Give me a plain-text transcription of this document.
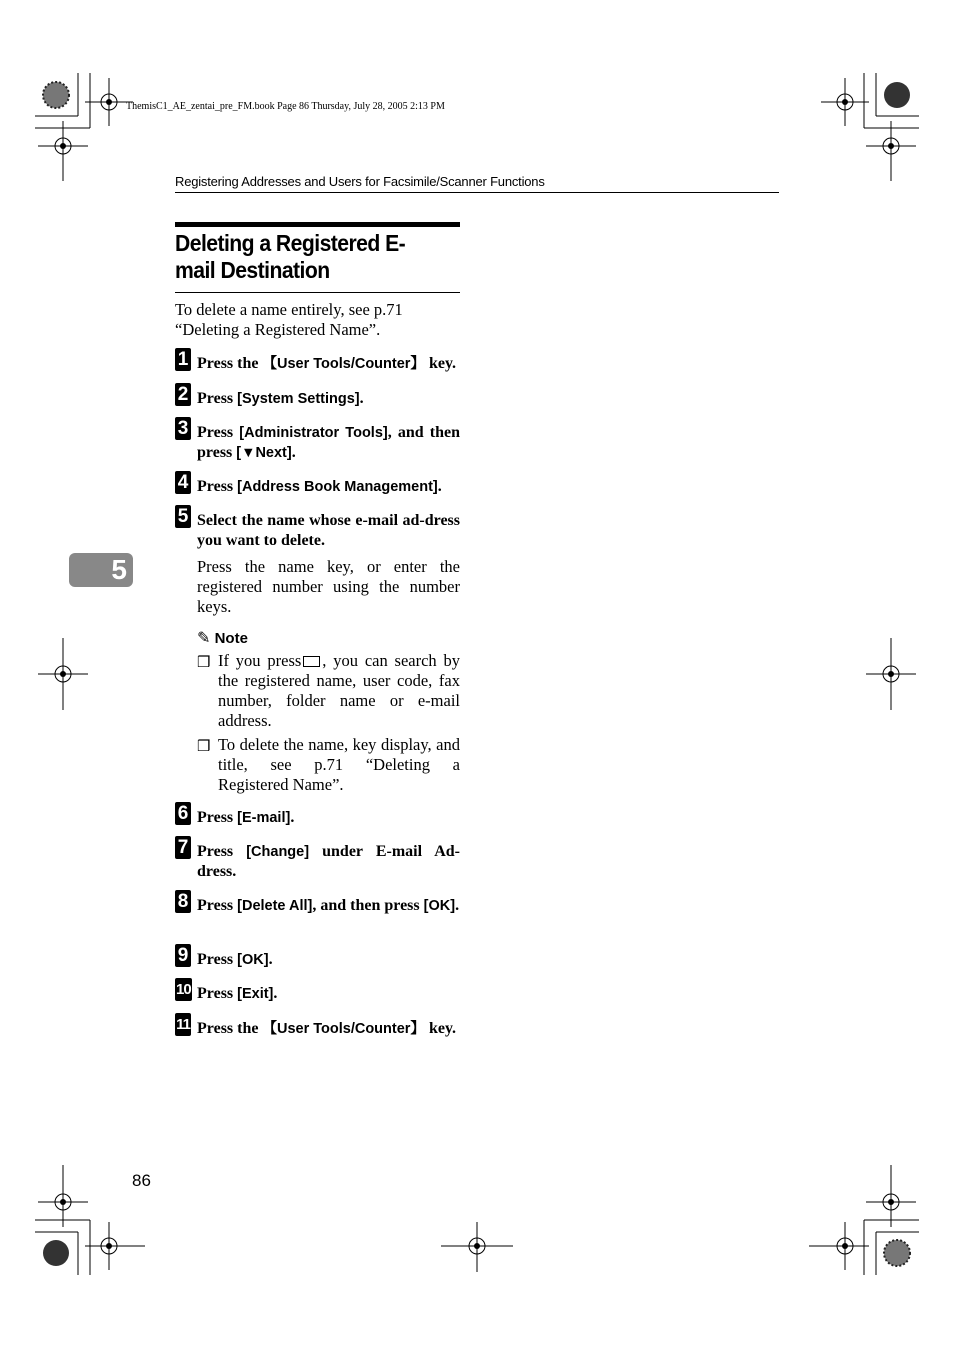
ThemisC1_AE_zentai_pre_FM.book Page 86 Thursday, July 28, 2005 2:13 PM
Registering Addresses and Users for Facsimile/Scanner Functions
Deleting a Registered E-mail Destination
To delete a name entirely, see p.71 “Deleting a Registered Name”.
1 Press the 【User Tools/Counter】 key.
2 Press [System Settings].
3 Press [Administrator Tools], and then press [▼Next].
4 Press [Address Book Management].
5 Select the name whose e-mail ad-dress you want to delete.
Press the name key, or enter the registered number using the number keys.
✎ Note
❒ If you press , you can search by the registered name, user code, fax number, folder name or e-mail address.
❒ To delete the name, key display, and title, see p.71 “Deleting a Registered Name”.
6 Press [E-mail].
7 Press [Change] under E-mail Ad-dress.
8 Press [Delete All], and then press [OK].
9 Press [OK].
10 Press [Exit].
11 Press the 【User Tools/Counter】 key.
5
86
